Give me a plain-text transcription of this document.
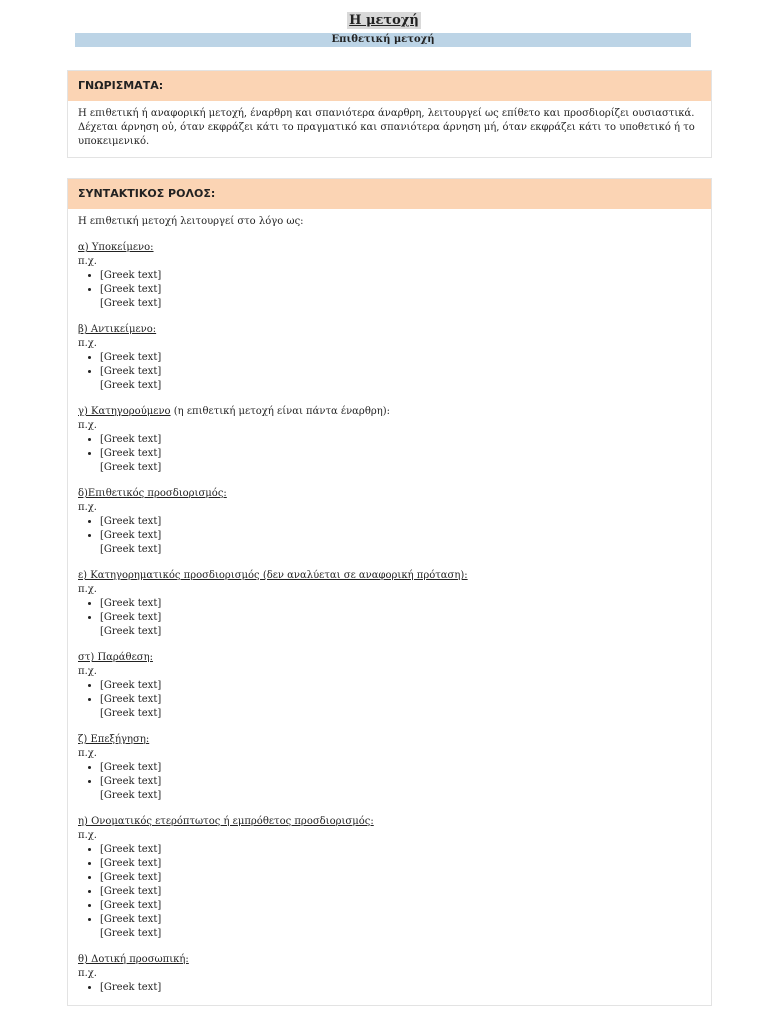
Η μετοχή
Επιθετική μετοχή
ΓΝΩΡΙΣΜΑΤΑ:

Η επιθετική ή αναφορική μετοχή, έναρθρη και σπανιότερα άναρθρη, λειτουργεί ως επίθετο και προσδιορίζει ουσιαστικά. Δέχεται άρνηση οὐ, όταν εκφράζει κάτι το πραγματικό και σπανιότερα άρνηση μή, όταν εκφράζει κάτι το υποθετικό ή το υποκειμενικό.

ΣΥΝΤΑΚΤΙΚΟΣ ΡΟΛΟΣ:

Η επιθετική μετοχή λειτουργεί στο λόγο ως:

α) Υποκείμενο:
π.χ.
• [Greek text]
• [Greek text]
[Greek text]
β) Αντικείμενο:
π.χ.
• [Greek text]
• [Greek text]
[Greek text]
γ) Κατηγορούμενο (η επιθετική μετοχή είναι πάντα έναρθρη):
π.χ.
• [Greek text]
• [Greek text]
[Greek text]
δ)Επιθετικός προσδιορισμός:
π.χ.
• [Greek text]
• [Greek text]
[Greek text]
ε) Κατηγορηματικός προσδιορισμός (δεν αναλύεται σε αναφορική πρόταση):
π.χ.
• [Greek text]
• [Greek text]
[Greek text]
στ) Παράθεση:
π.χ.
• [Greek text]
• [Greek text]
[Greek text]
ζ) Επεξήγηση:
π.χ.
• [Greek text]
• [Greek text]
[Greek text]
η) Ονοματικός ετερόπτωτος ή εμπρόθετος προσδιορισμός:
π.χ.
• [Greek text]
• [Greek text]
• [Greek text]
• [Greek text]
• [Greek text]
• [Greek text]
[Greek text]
θ) Δοτική προσωπική:
π.χ.
• [Greek text]
